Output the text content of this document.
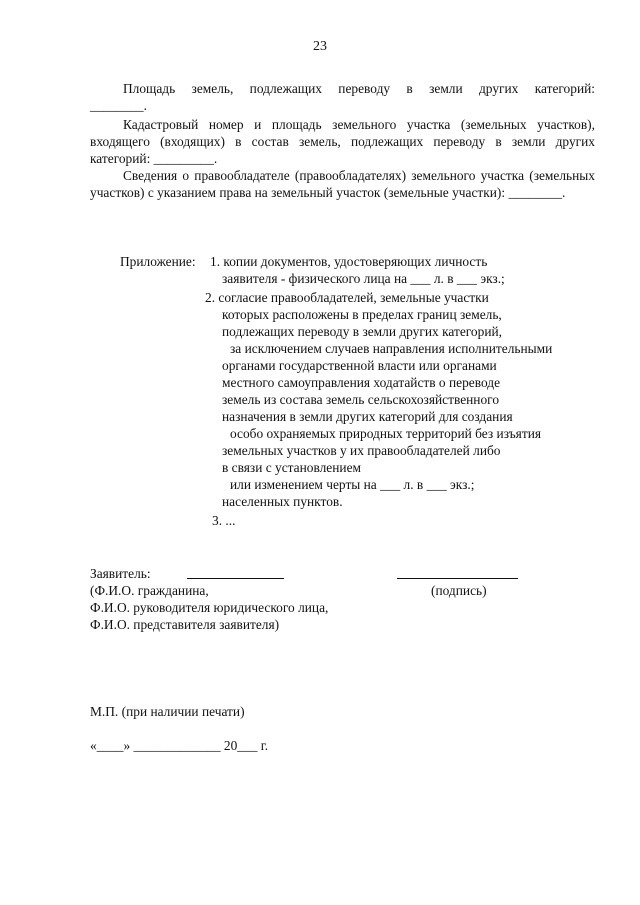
23
Площадь земель, подлежащих переводу в земли других категорий:
________.
Кадастровый номер и площадь земельного участка (земельных участков), входящего (входящих) в состав земель, подлежащих переводу в земли других категорий: _________.
Сведения о правообладателе (правообладателях) земельного участка (земельных участков) с указанием права на земельный участок (земельные участки): ________.
Приложение: 1. копии документов, удостоверяющих личность
заявителя - физического лица на ___ л. в ___ экз.;
2. согласие правообладателей, земельные участки
которых расположены в пределах границ земель,
подлежащих переводу в земли других категорий,
за исключением случаев направления исполнительными
органами государственной власти или органами
местного самоуправления ходатайств о переводе
земель из состава земель сельскохозяйственного
назначения в земли других категорий для создания
особо охраняемых природных территорий без изъятия
земельных участков у их правообладателей либо
в связи с установлением
или изменением черты на ___ л. в ___ экз.;
населенных пунктов.
3. ...
Заявитель:
(Ф.И.О. гражданина,	(подпись)
Ф.И.О. руководителя юридического лица,
Ф.И.О. представителя заявителя)
М.П. (при наличии печати)
«____» _____________ 20___ г.
